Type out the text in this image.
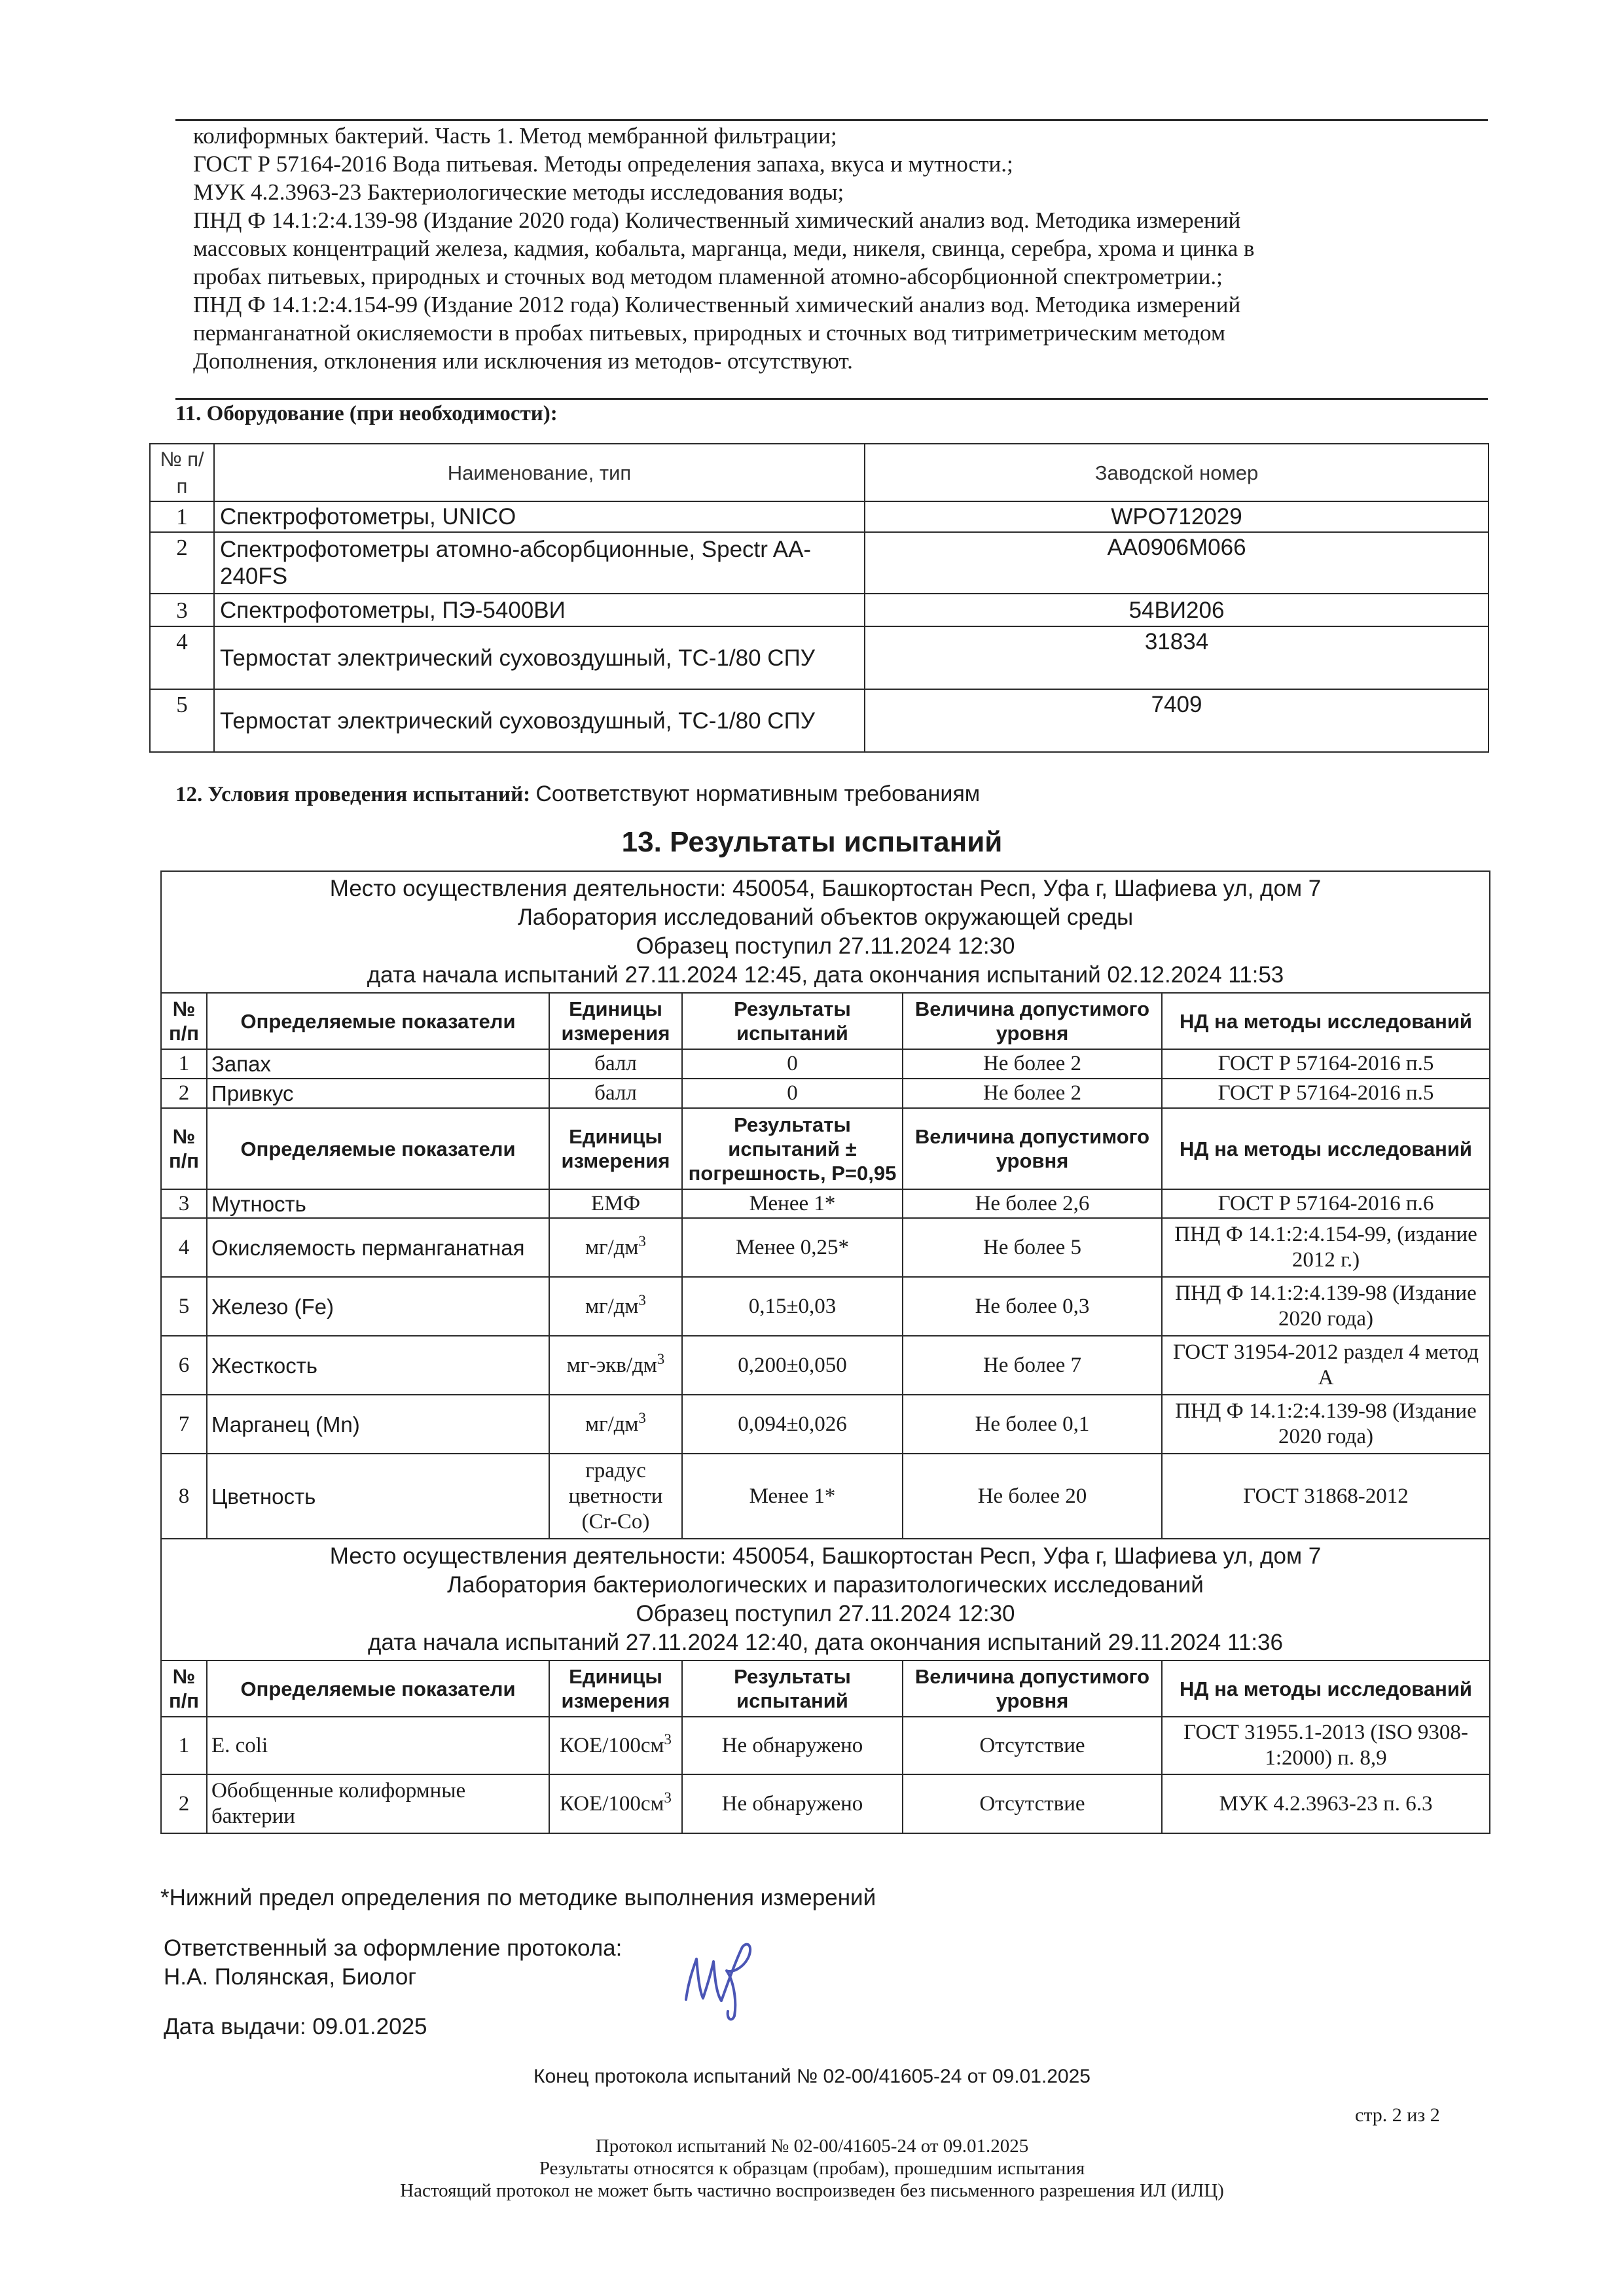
колиформных бактерий. Часть 1. Метод мембранной фильтрации;
ГОСТ Р 57164-2016 Вода питьевая. Методы определения запаха, вкуса и мутности.;
МУК 4.2.3963-23 Бактериологические методы исследования воды;
ПНД Ф 14.1:2:4.139-98 (Издание 2020 года) Количественный химический анализ вод. Методика измерений
массовых концентраций железа, кадмия, кобальта, марганца, меди, никеля, свинца, серебра, хрома и цинка в
пробах питьевых, природных и сточных вод методом пламенной атомно-абсорбционной спектрометрии.;
ПНД Ф 14.1:2:4.154-99 (Издание 2012 года) Количественный химический анализ вод. Методика измерений
перманганатной окисляемости в пробах питьевых, природных и сточных вод титриметрическим методом
Дополнения, отклонения или исключения из методов- отсутствуют.
11. Оборудование (при необходимости):
№ п/п	Наименование, тип	Заводской номер
1	Спектрофотометры, UNICO	WPO712029
2	Спектрофотометры атомно-абсорбционные, Spectr AA-240FS	AA0906M066
3	Спектрофотометры, ПЭ-5400ВИ	54ВИ206
4	Термостат электрический суховоздушный, ТС-1/80 СПУ	31834
5	Термостат электрический суховоздушный, ТС-1/80 СПУ	7409
12. Условия проведения испытаний: Соответствуют нормативным требованиям
13. Результаты испытаний
Место осуществления деятельности: 450054, Башкортостан Респ, Уфа г, Шафиева ул, дом 7
Лаборатория исследований объектов окружающей среды
Образец поступил 27.11.2024 12:30
дата начала испытаний 27.11.2024 12:45, дата окончания испытаний 02.12.2024 11:53					

№ п/п	Определяемые показатели	Единицы измерения	Результаты испытаний	Величина допустимого уровня	НД на методы исследований
1	Запах	балл	0	Не более 2	ГОСТ Р 57164-2016 п.5
2	Привкус	балл	0	Не более 2	ГОСТ Р 57164-2016 п.5
№ п/п	Определяемые показатели	Единицы измерения	Результаты испытаний ± погрешность, Р=0,95	Величина допустимого уровня	НД на методы исследований
3	Мутность	ЕМФ	Менее 1*	Не более 2,6	ГОСТ Р 57164-2016 п.6
4	Окисляемость перманганатная	$мг/дм^3$	Менее 0,25*	Не более 5	ПНД Ф 14.1:2:4.154-99, (издание 2012 г.)
5	Железо (Fe)	$мг/дм^3$	0,15±0,03	Не более 0,3	ПНД Ф 14.1:2:4.139-98 (Издание 2020 года)
6	Жесткость	$мг-экв/дм^3$	0,200±0,050	Не более 7	ГОСТ 31954-2012 раздел 4 метод А
7	Марганец (Mn)	$мг/дм^3$	0,094±0,026	Не более 0,1	ПНД Ф 14.1:2:4.139-98 (Издание 2020 года)
8	Цветность	градус цветности (Cr-Co)	Менее 1*	Не более 20	ГОСТ 31868-2012

Место осуществления деятельности: 450054, Башкортостан Респ, Уфа г, Шафиева ул, дом 7
Лаборатория бактериологических и паразитологических исследований
Образец поступил 27.11.2024 12:30
дата начала испытаний 27.11.2024 12:40, дата окончания испытаний 29.11.2024 11:36					

№ п/п	Определяемые показатели	Единицы измерения	Результаты испытаний	Величина допустимого уровня	НД на методы исследований
1	E. coli	КОЕ/$100см^3$	Не обнаружено	Отсутствие	ГОСТ 31955.1-2013 (ISO 9308-1:2000) п. 8,9
2	Обобщенные колиформные бактерии	КОЕ/$100см^3$	Не обнаружено	Отсутствие	МУК 4.2.3963-23 п. 6.3
*Нижний предел определения по методике выполнения измерений
Ответственный за оформление протокола:
Н.А. Полянская, Биолог
Дата выдачи: 09.01.2025
Конец протокола испытаний № 02-00/41605-24 от 09.01.2025
стр. 2 из 2
Протокол испытаний № 02-00/41605-24 от 09.01.2025
Результаты относятся к образцам (пробам), прошедшим испытания
Настоящий протокол не может быть частично воспроизведен без письменного разрешения ИЛ (ИЛЦ)
